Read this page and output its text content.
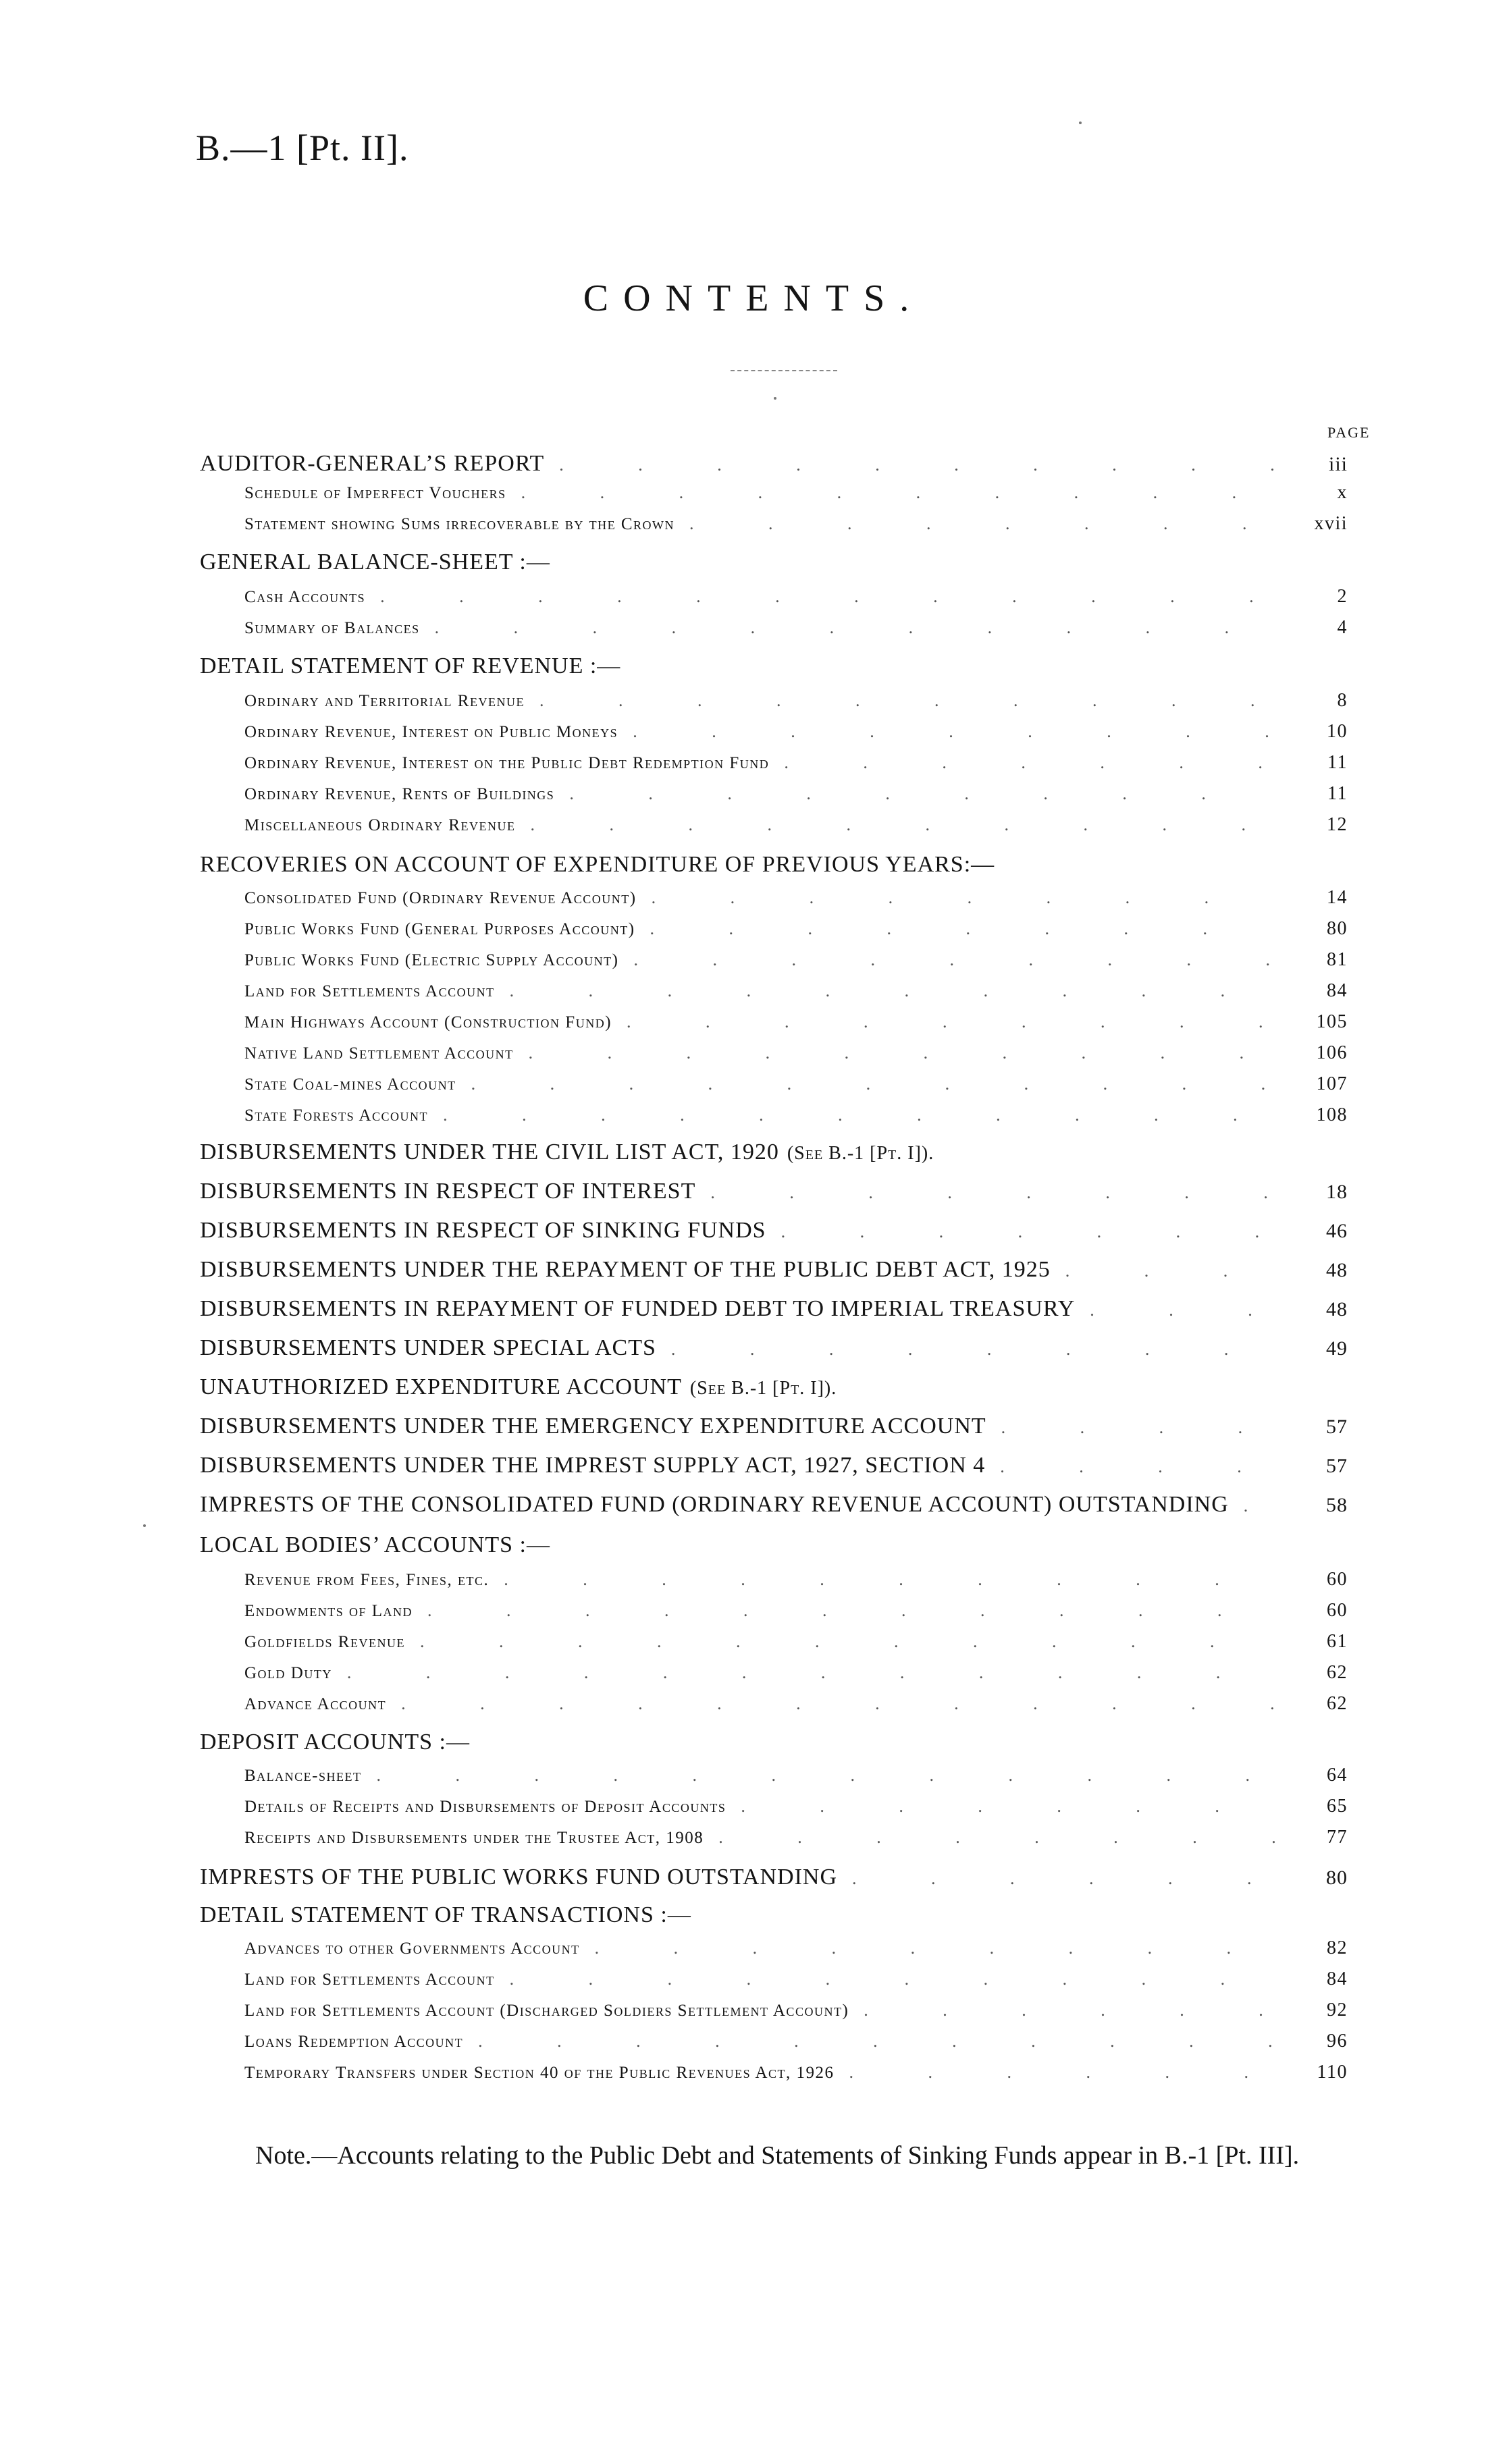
B.—1 [Pt. II].
CONTENTS.
PAGE
AUDITOR-GENERAL’S REPORT . . .	iii
Schedule of Imperfect Vouchers . . .	x
Statement showing Sums irrecoverable by the Crown . . .	xvii
GENERAL BALANCE-SHEET :—
Cash Accounts . . .	2
Summary of Balances . . .	4
DETAIL STATEMENT OF REVENUE :—
Ordinary and Territorial Revenue . . .	8
Ordinary Revenue, Interest on Public Moneys . . .	10
Ordinary Revenue, Interest on the Public Debt Redemption Fund . . .	11
Ordinary Revenue, Rents of Buildings . . .	11
Miscellaneous Ordinary Revenue . . .	12
RECOVERIES ON ACCOUNT OF EXPENDITURE OF PREVIOUS YEARS:—
Consolidated Fund (Ordinary Revenue Account) . . .	14
Public Works Fund (General Purposes Account) . . .	80
Public Works Fund (Electric Supply Account) . . .	81
Land for Settlements Account . . .	84
Main Highways Account (Construction Fund) . . .	105
Native Land Settlement Account . . .	106
State Coal-mines Account . . .	107
State Forests Account . . .	108
DISBURSEMENTS UNDER THE CIVIL LIST ACT, 1920 (See B.-1 [Pt. I]).
DISBURSEMENTS IN RESPECT OF INTEREST . . .	18
DISBURSEMENTS IN RESPECT OF SINKING FUNDS . . .	46
DISBURSEMENTS UNDER THE REPAYMENT OF THE PUBLIC DEBT ACT, 1925 . . .	48
DISBURSEMENTS IN REPAYMENT OF FUNDED DEBT TO IMPERIAL TREASURY . . .	48
DISBURSEMENTS UNDER SPECIAL ACTS . . .	49
UNAUTHORIZED EXPENDITURE ACCOUNT (See B.-1 [Pt. I]).
DISBURSEMENTS UNDER THE EMERGENCY EXPENDITURE ACCOUNT . . .	57
DISBURSEMENTS UNDER THE IMPREST SUPPLY ACT, 1927, SECTION 4 . . .	57
IMPRESTS OF THE CONSOLIDATED FUND (ORDINARY REVENUE ACCOUNT) OUTSTANDING . . .	58
LOCAL BODIES’ ACCOUNTS :—
Revenue from Fees, Fines, etc. . . .	60
Endowments of Land . . .	60
Goldfields Revenue . . .	61
Gold Duty . . .	62
Advance Account . . .	62
DEPOSIT ACCOUNTS :—
Balance-sheet . . .	64
Details of Receipts and Disbursements of Deposit Accounts . . .	65
Receipts and Disbursements under the Trustee Act, 1908 . . .	77
IMPRESTS OF THE PUBLIC WORKS FUND OUTSTANDING . . .	80
DETAIL STATEMENT OF TRANSACTIONS :—
Advances to other Governments Account . . .	82
Land for Settlements Account . . .	84
Land for Settlements Account (Discharged Soldiers Settlement Account) . . .	92
Loans Redemption Account . . .	96
Temporary Transfers under Section 40 of the Public Revenues Act, 1926 . . .	110
Note.—Accounts relating to the Public Debt and Statements of Sinking Funds appear in B.-1 [Pt. III].
